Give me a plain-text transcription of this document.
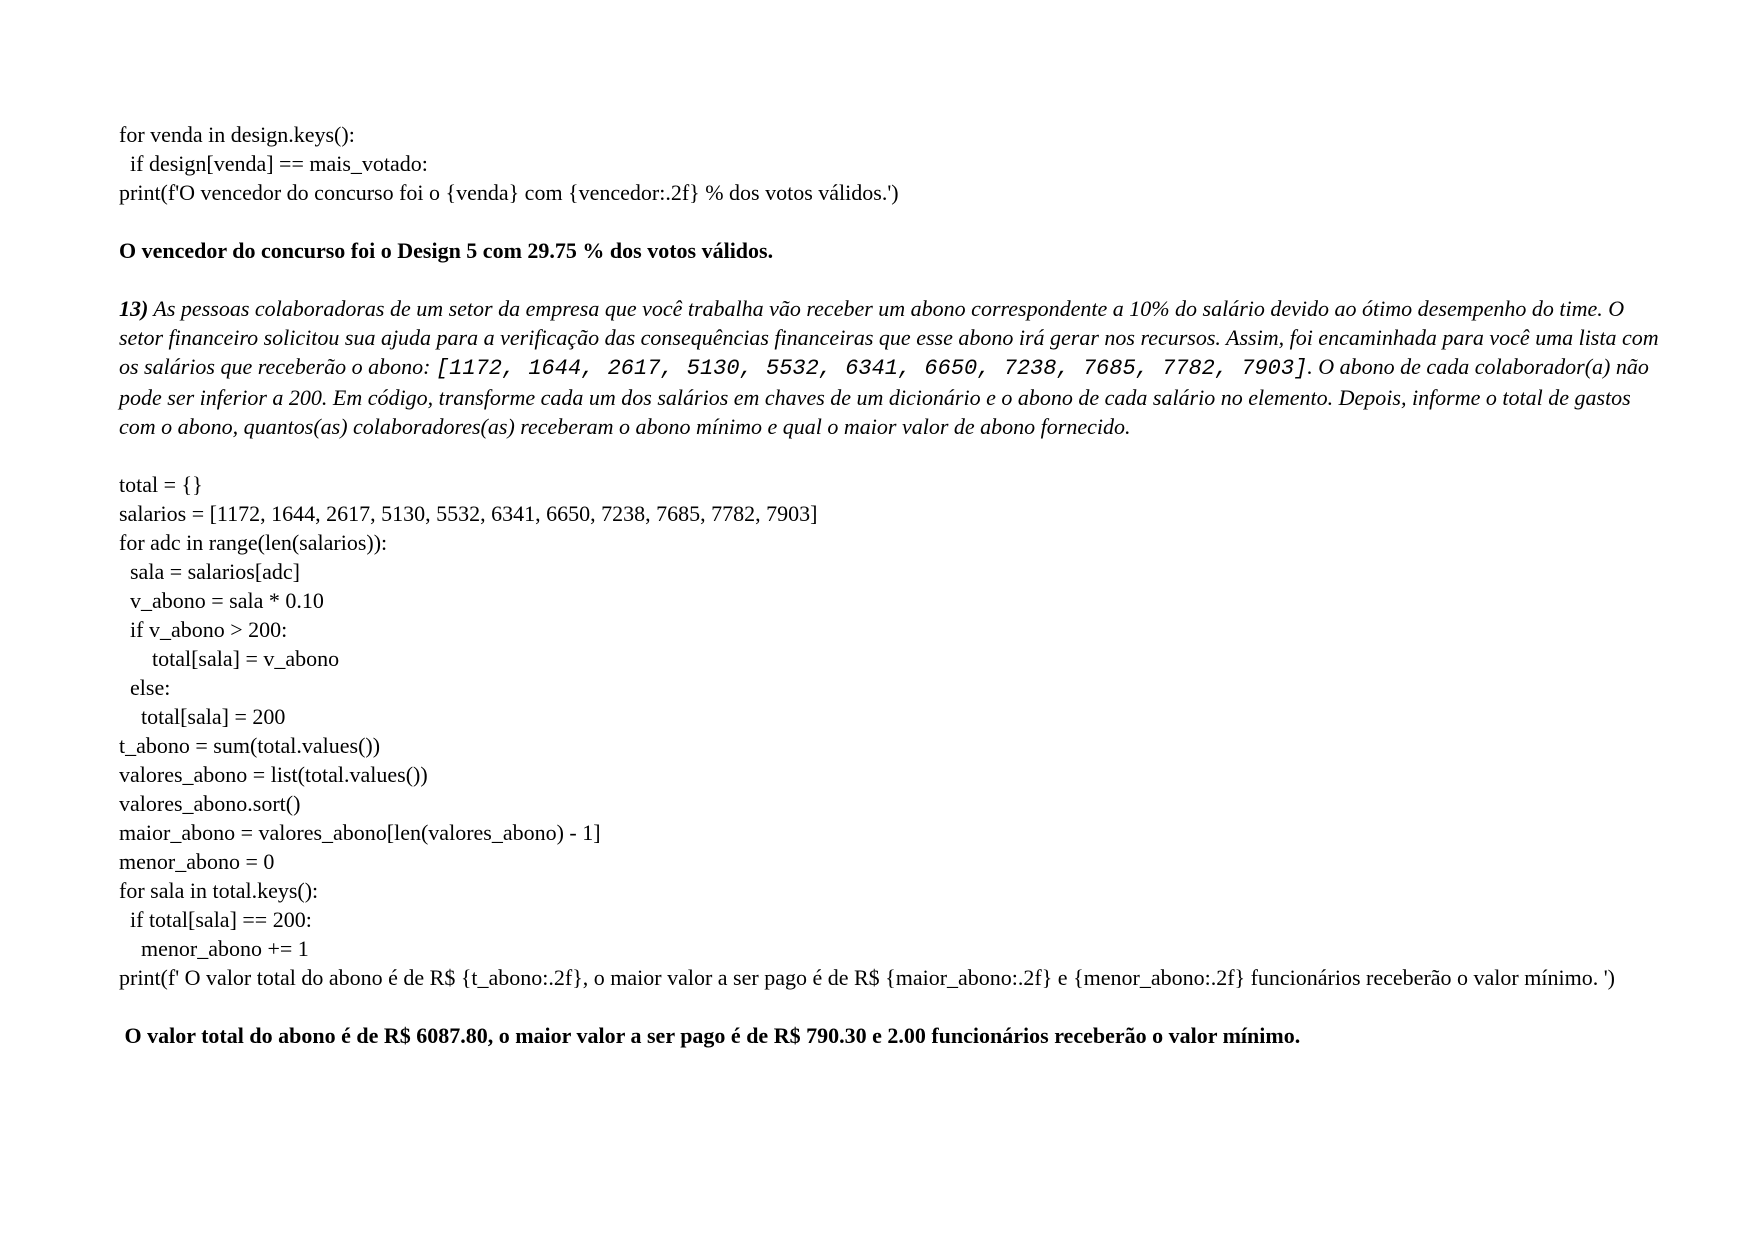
for venda in design.keys():

if design[venda] == mais_votado:

print(f'O vencedor do concurso foi o {venda} com {vencedor:.2f} % dos votos válidos.')

O vencedor do concurso foi o Design 5 com 29.75 % dos votos válidos.

13) As pessoas colaboradoras de um setor da empresa que você trabalha vão receber um abono correspondente a 10% do salário devido ao ótimo desempenho do time. O setor financeiro solicitou sua ajuda para a verificação das consequências financeiras que esse abono irá gerar nos recursos. Assim, foi encaminhada para você uma lista com os salários que receberão o abono: [1172, 1644, 2617, 5130, 5532, 6341, 6650, 7238, 7685, 7782, 7903]. O abono de cada colaborador(a) não pode ser inferior a 200. Em código, transforme cada um dos salários em chaves de um dicionário e o abono de cada salário no elemento. Depois, informe o total de gastos com o abono, quantos(as) colaboradores(as) receberam o abono mínimo e qual o maior valor de abono fornecido.

total = {}

salarios = [1172, 1644, 2617, 5130, 5532, 6341, 6650, 7238, 7685, 7782, 7903]

for adc in range(len(salarios)):

sala = salarios[adc]

v_abono = sala * 0.10

if v_abono > 200:

total[sala] = v_abono

else:

total[sala] = 200

t_abono = sum(total.values())

valores_abono = list(total.values())

valores_abono.sort()

maior_abono = valores_abono[len(valores_abono) - 1]

menor_abono = 0

for sala in total.keys():

if total[sala] == 200:

menor_abono += 1

print(f' O valor total do abono é de R$ {t_abono:.2f}, o maior valor a ser pago é de R$ {maior_abono:.2f} e {menor_abono:.2f} funcionários receberão o valor mínimo. ')

O valor total do abono é de R$ 6087.80, o maior valor a ser pago é de R$ 790.30 e 2.00 funcionários receberão o valor mínimo.
